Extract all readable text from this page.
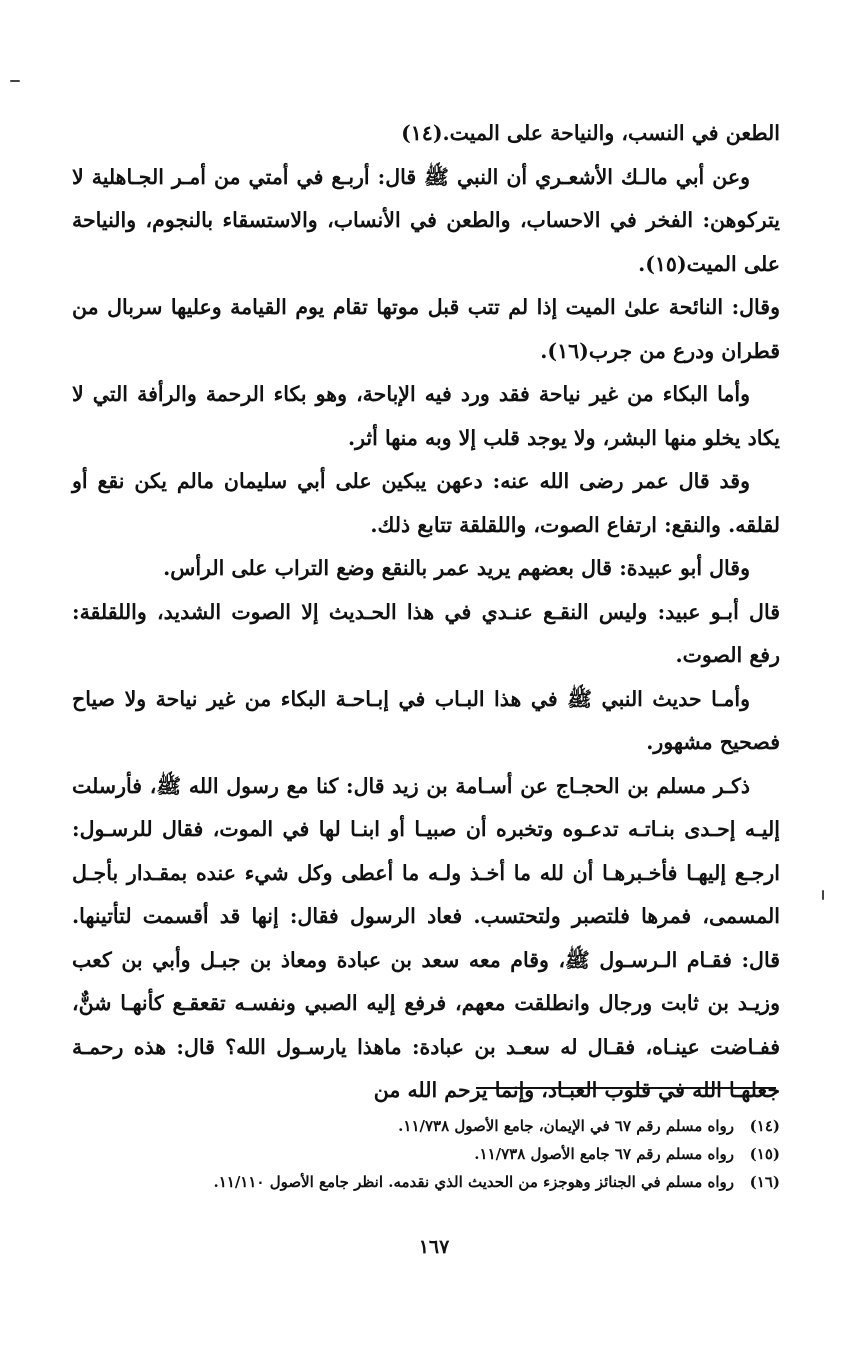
الطعن في النسب، والنياحة على الميت.(١٤)

وعن أبي مالـك الأشعـري أن النبي ﷺ قال: أربـع في أمتي من أمـر الجـاهلية لا يتركوهن: الفخر في الاحساب، والطعن في الأنساب، والاستسقاء بالنجوم، والنياحة على الميت(١٥).

وقال: النائحة علىٰ الميت إذا لم تتب قبل موتها تقام يوم القيامة وعليها سربال من قطران ودرع من جرب(١٦).

وأما البكاء من غير نياحة فقد ورد فيه الإباحة، وهو بكاء الرحمة والرأفة التي لا يكاد يخلو منها البشر، ولا يوجد قلب إلا وبه منها أثر.

وقد قال عمر رضى الله عنه: دعهن يبكين على أبي سليمان مالم يكن نقع أو لقلقه. والنقع: ارتفاع الصوت، واللقلقة تتابع ذلك.

وقال أبو عبيدة: قال بعضهم يريد عمر بالنقع وضع التراب على الرأس.

قال أبـو عبيد: وليس النقـع عنـدي في هذا الحـديث إلا الصوت الشديد، واللقلقة: رفع الصوت.

وأمـا حديث النبي ﷺ في هذا البـاب في إبـاحـة البكاء من غير نياحة ولا صياح فصحيح مشهور.

ذكـر مسلم بن الحجـاج عن أسـامة بن زيد قال: كنا مع رسول الله ﷺ، فأرسلت إليـه إحـدى بنـاتـه تدعـوه وتخبره أن صبيـا أو ابنـا لها في الموت، فقال للرسـول: ارجـع إليهـا فأخـبرهـا أن لله ما أخـذ ولـه ما أعطى وكل شيء عنده بمقـدار بأجـل المسمى، فمرها فلتصبر ولتحتسب. فعاد الرسول فقال: إنها قد أقسمت لتأتينها. قال: فقـام الـرسـول ﷺ، وقام معه سعد بن عبادة ومعاذ بن جبـل وأبي بن كعب وزيـد بن ثابت ورجال وانطلقت معهم، فرفع إليه الصبي ونفسـه تقعقـع كأنهـا شنٌّ، ففـاضت عينـاه، فقـال له سعـد بن عبادة: ماهذا يارسـول الله؟ قال: هذه رحمـة جعلهـا الله في قلوب العبـاد، وإنما يرحم الله من

(١٤)رواه مسلم رقم ٦٧ في الإيمان، جامع الأصول ١١/٧٣٨.
(١٥)رواه مسلم رقم ٦٧ جامع الأصول ١١/٧٣٨.
(١٦)رواه مسلم في الجنائز وهوجزء من الحديث الذي نقدمه. انظر جامع الأصول ١١/١١٠.
١٦٧
